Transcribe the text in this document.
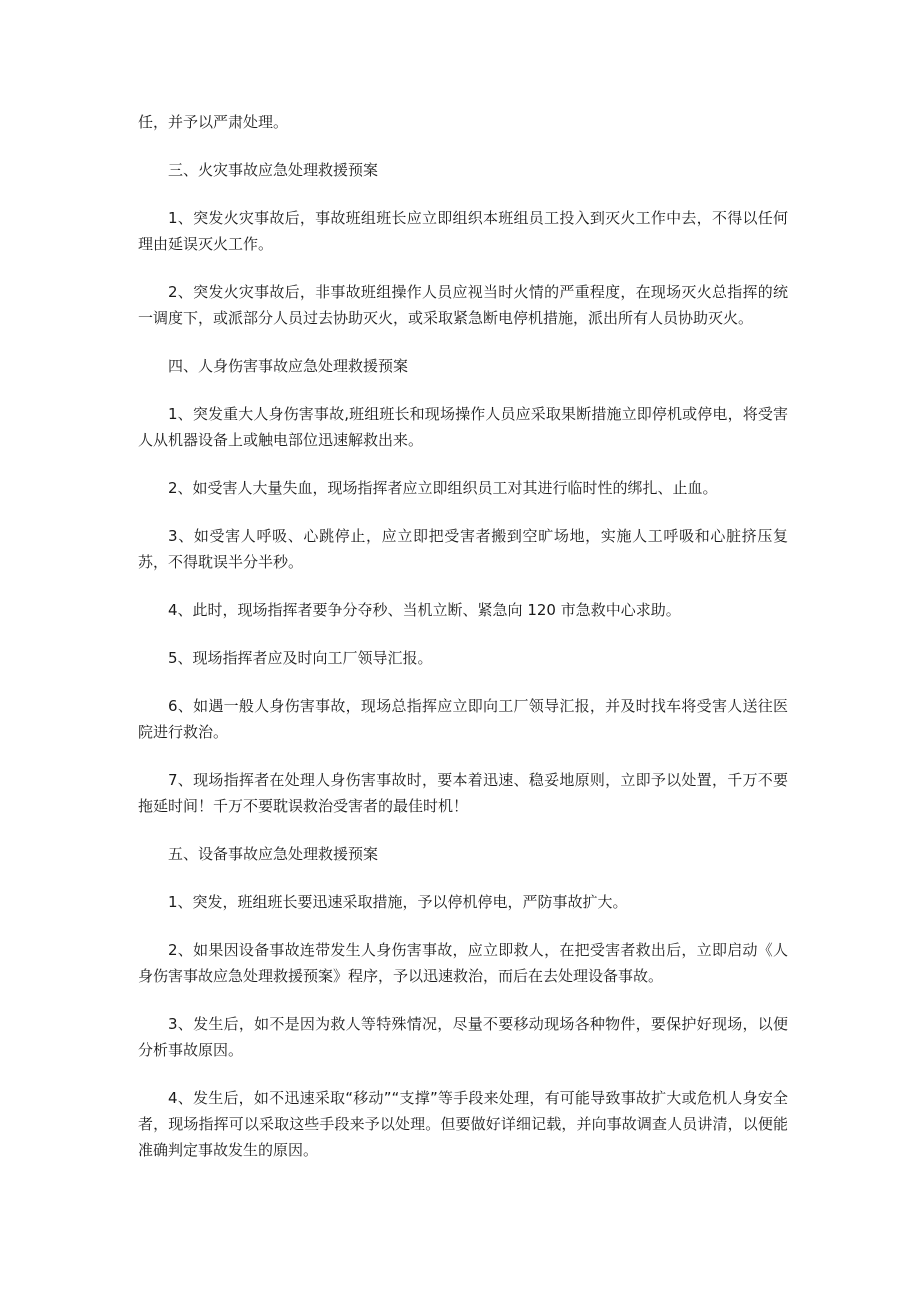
任，并予以严肃处理。

三、火灾事故应急处理救援预案

1、突发火灾事故后，事故班组班长应立即组织本班组员工投入到灭火工作中去，不得以任何理由延误灭火工作。

2、突发火灾事故后，非事故班组操作人员应视当时火情的严重程度，在现场灭火总指挥的统一调度下，或派部分人员过去协助灭火，或采取紧急断电停机措施，派出所有人员协助灭火。

四、人身伤害事故应急处理救援预案

1、突发重大人身伤害事故,班组班长和现场操作人员应采取果断措施立即停机或停电，将受害人从机器设备上或触电部位迅速解救出来。

2、如受害人大量失血，现场指挥者应立即组织员工对其进行临时性的绑扎、止血。

3、如受害人呼吸、心跳停止，应立即把受害者搬到空旷场地，实施人工呼吸和心脏挤压复苏，不得耽误半分半秒。

4、此时，现场指挥者要争分夺秒、当机立断、紧急向 120 市急救中心求助。

5、现场指挥者应及时向工厂领导汇报。

6、如遇一般人身伤害事故，现场总指挥应立即向工厂领导汇报，并及时找车将受害人送往医院进行救治。

7、现场指挥者在处理人身伤害事故时，要本着迅速、稳妥地原则，立即予以处置，千万不要拖延时间！千万不要耽误救治受害者的最佳时机！

五、设备事故应急处理救援预案

1、突发，班组班长要迅速采取措施，予以停机停电，严防事故扩大。

2、如果因设备事故连带发生人身伤害事故，应立即救人，在把受害者救出后，立即启动《人身伤害事故应急处理救援预案》程序，予以迅速救治，而后在去处理设备事故。

3、发生后，如不是因为救人等特殊情况，尽量不要移动现场各种物件，要保护好现场，以便分析事故原因。

4、发生后，如不迅速采取“移动”“支撑”等手段来处理，有可能导致事故扩大或危机人身安全者，现场指挥可以采取这些手段来予以处理。但要做好详细记载，并向事故调查人员讲清，以便能准确判定事故发生的原因。
